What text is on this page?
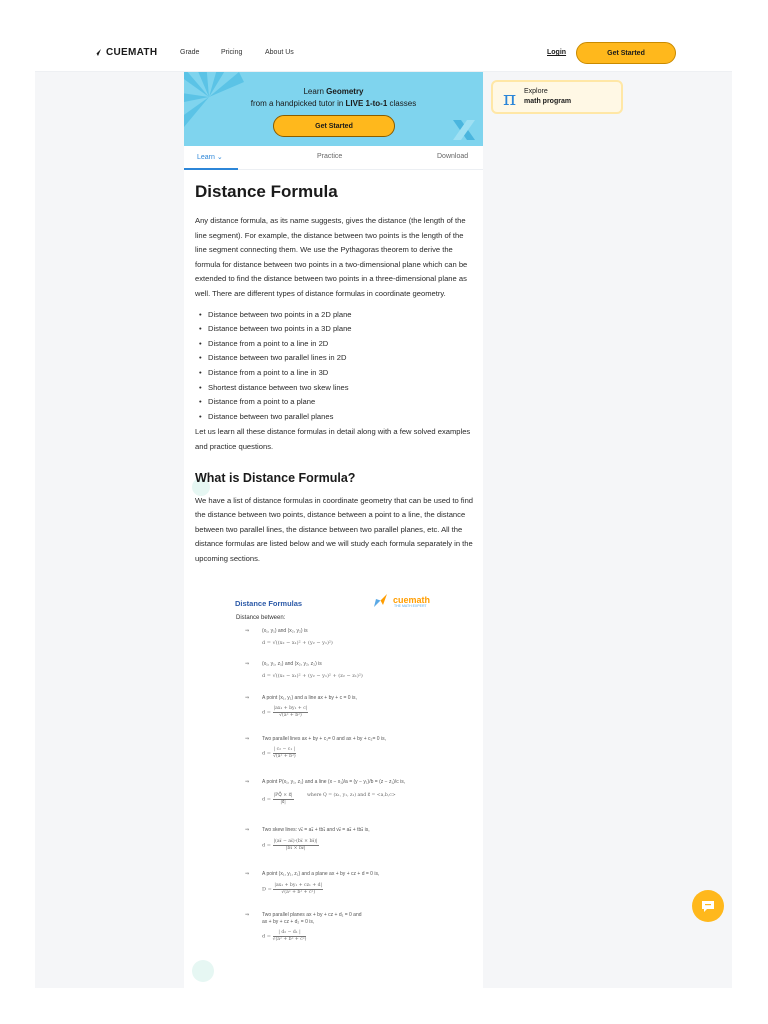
CUEMATH	Grade	Pricing	About Us	Login	Get Started
Learn Geometry
from a handpicked tutor in LIVE 1-to-1 classes
Get Started
Learn ⌄	Practice	Download
π Explore
math program
Distance Formula

Any distance formula, as its name suggests, gives the distance (the length of the line segment). For example, the distance between two points is the length of the line segment connecting them. We use the Pythagoras theorem to derive the formula for distance between two points in a two-dimensional plane which can be extended to find the distance between two points in a three-dimensional plane as well. There are different types of distance formulas in coordinate geometry.

• Distance between two points in a 2D plane
• Distance between two points in a 3D plane
• Distance from a point to a line in 2D
• Distance between two parallel lines in 2D
• Distance from a point to a line in 3D
• Shortest distance between two skew lines
• Distance from a point to a plane
• Distance between two parallel planes

Let us learn all these distance formulas in detail along with a few solved examples and practice questions.

What is Distance Formula?

We have a list of distance formulas in coordinate geometry that can be used to find the distance between two points, distance between a point to a line, the distance between two parallel lines, the distance between two parallel planes, etc. All the distance formulas are listed below and we will study each formula separately in the upcoming sections.

Distance Formulas	cuemath
THE MATH EXPERT
Distance between:
⇒	(x₁, y₁) and (x₂, y₂) is
d = √((x₂ − x₁)² + (y₂ − y₁)²)
⇒	(x₁, y₁, z₁) and (x₂, y₂, z₂) is
d = √((x₂ − x₁)² + (y₂ − y₁)² + (z₂ − z₁)²)
⇒	A point (x₁, y₁) and a line ax + by + c = 0 is,
$d = \frac{\text{|ax₁ + by₁ + c|}}{\text{√(a² + b²)}}$
⇒	Two parallel lines ax + by + c₁= 0 and ax + by + c₂= 0 is,
$d = \frac{\text{| c₂ − c₁ |}}{\text{√(a² + b²)}}$
⇒	A point P(x₁, y₁, z₁) and a line (x − x₁)/a = (y − y₁)/b = (z − z₁)/c is,
$d = \frac{|PQ⃗ \times s⃗|}{|s⃗|}$	where Q = (x₁, y₁, z₁) and s⃗ = <a,b,c>
⇒	Two skew lines: v₁⃗ = a₁⃗ + tb₁⃗ and v₂⃗ = a₂⃗ + tb₂⃗ is,
$d = \frac{\text{|(a₂⃗ − a₁⃗)·(b₁⃗ × b₂⃗)|}}{\text{|b₁⃗ × b₂⃗|}}$
⇒	A point (x₁, y₁, z₁) and a plane ax + by + cz + d = 0 is,
$D = \frac{\text{|ax₁ + by₁ + cz₁ + d|}}{\text{√(a² + b² + c²)}}$
⇒	Two parallel planes ax + by + cz + d₁ = 0 and
ax + by + cz + d₂ = 0 is,
$d = \frac{\text{| d₂ − d₁ |}}{\text{√(a² + b² + c²)}}$
